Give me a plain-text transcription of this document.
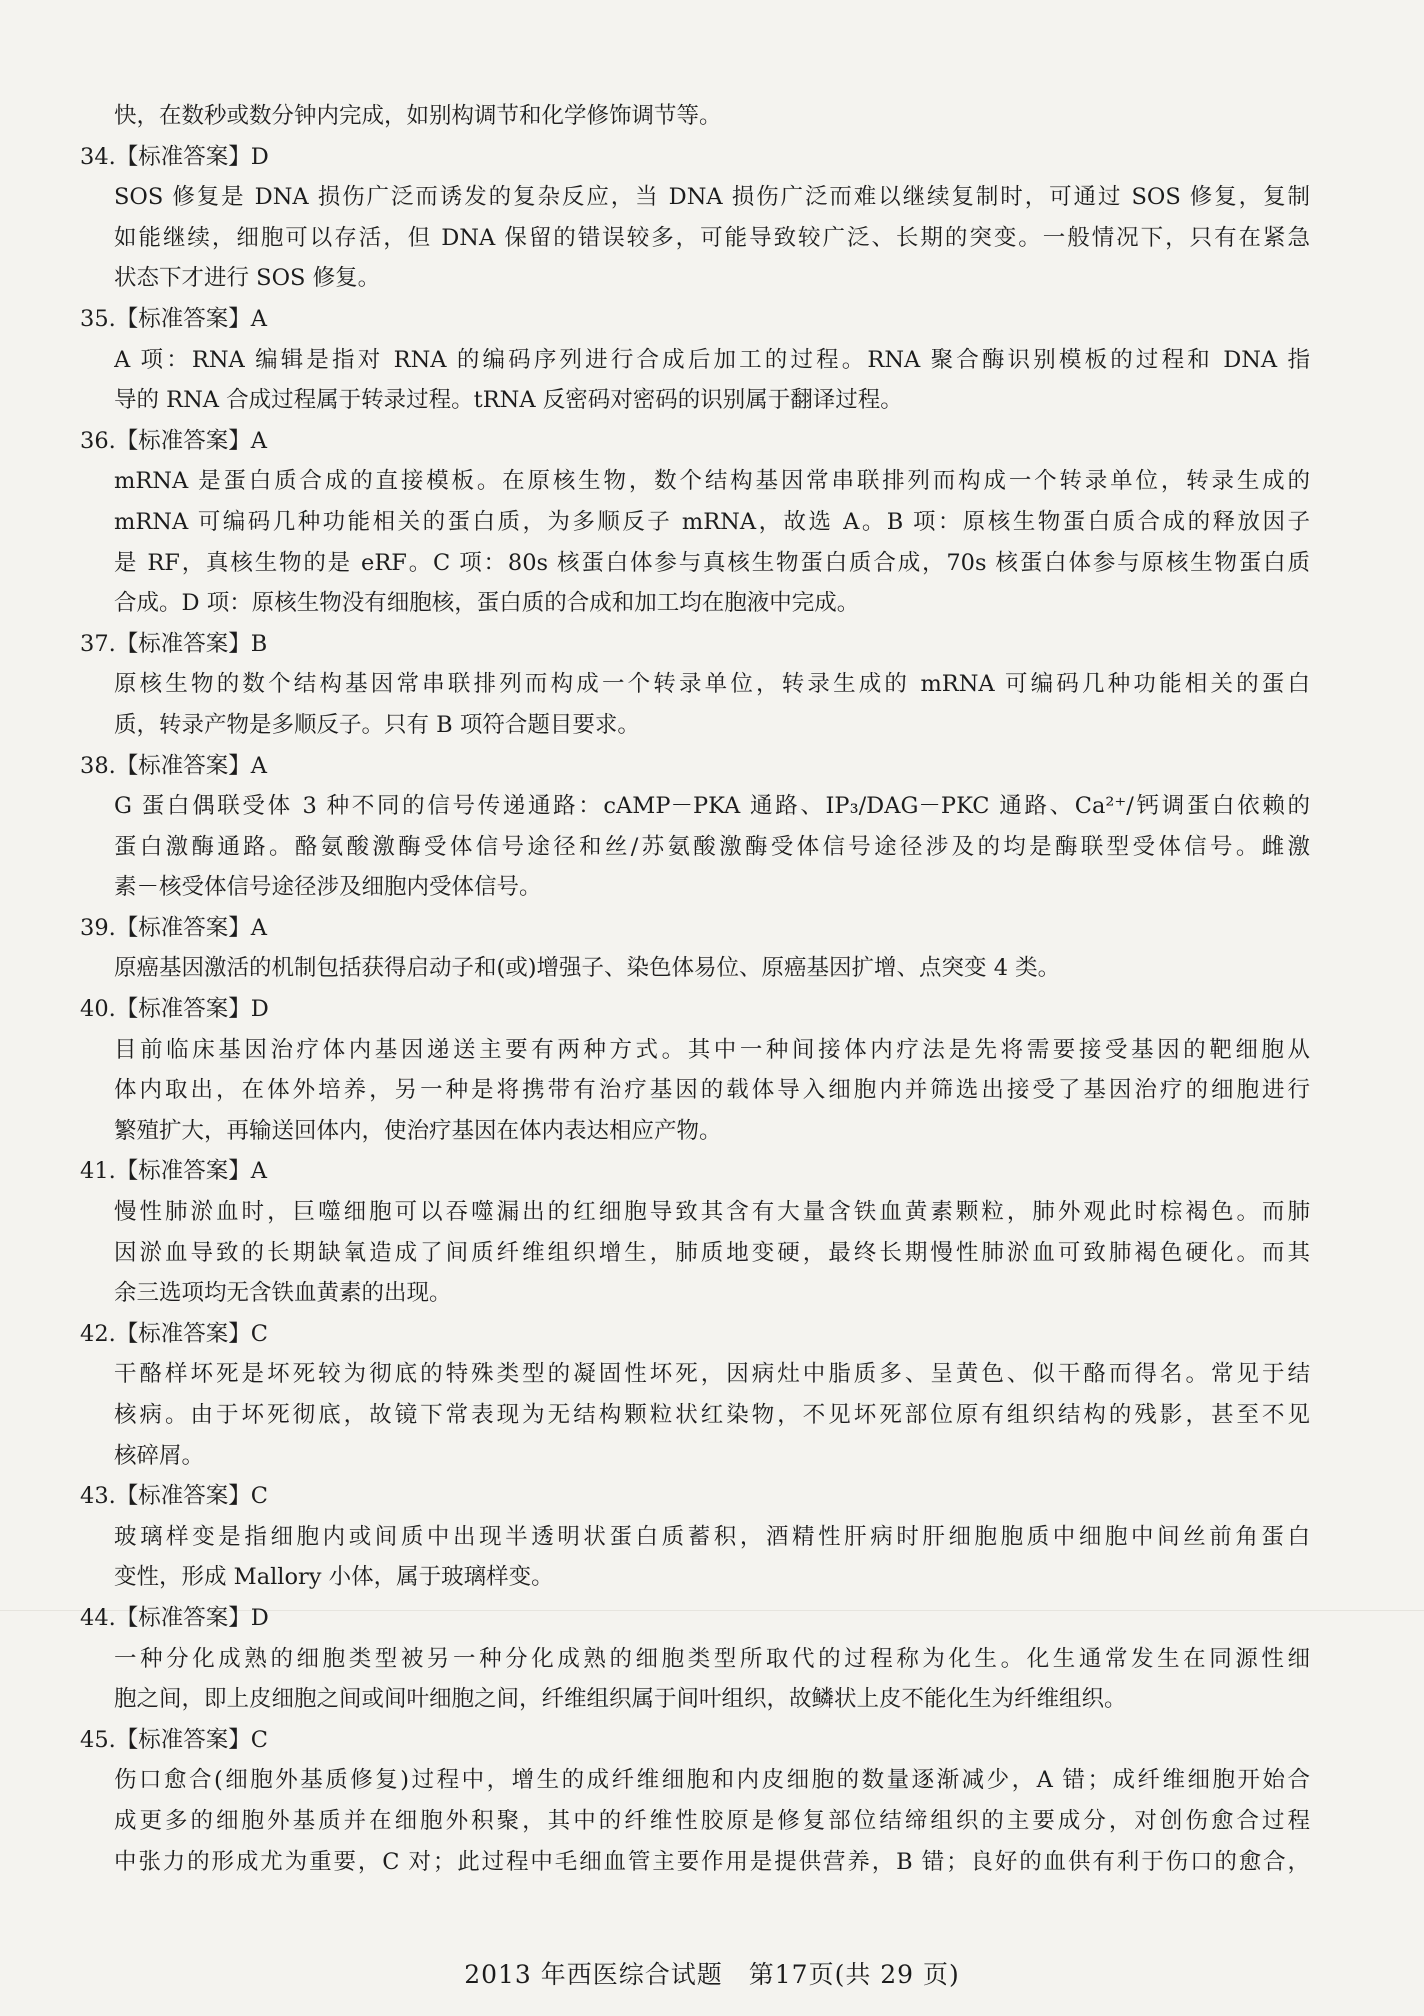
快，在数秒或数分钟内完成，如别构调节和化学修饰调节等。
34.【标准答案】D
SOS 修复是 DNA 损伤广泛而诱发的复杂反应，当 DNA 损伤广泛而难以继续复制时，可通过 SOS 修复，复制
如能继续，细胞可以存活，但 DNA 保留的错误较多，可能导致较广泛、长期的突变。一般情况下，只有在紧急
状态下才进行 SOS 修复。
35.【标准答案】A
A 项：RNA 编辑是指对 RNA 的编码序列进行合成后加工的过程。RNA 聚合酶识别模板的过程和 DNA 指
导的 RNA 合成过程属于转录过程。tRNA 反密码对密码的识别属于翻译过程。
36.【标准答案】A
mRNA 是蛋白质合成的直接模板。在原核生物，数个结构基因常串联排列而构成一个转录单位，转录生成的
mRNA 可编码几种功能相关的蛋白质，为多顺反子 mRNA，故选 A。B 项：原核生物蛋白质合成的释放因子
是 RF，真核生物的是 eRF。C 项：80s 核蛋白体参与真核生物蛋白质合成，70s 核蛋白体参与原核生物蛋白质
合成。D 项：原核生物没有细胞核，蛋白质的合成和加工均在胞液中完成。
37.【标准答案】B
原核生物的数个结构基因常串联排列而构成一个转录单位，转录生成的 mRNA 可编码几种功能相关的蛋白
质，转录产物是多顺反子。只有 B 项符合题目要求。
38.【标准答案】A
G 蛋白偶联受体 3 种不同的信号传递通路：cAMP－PKA 通路、IP₃/DAG－PKC 通路、Ca²⁺/钙调蛋白依赖的
蛋白激酶通路。酪氨酸激酶受体信号途径和丝/苏氨酸激酶受体信号途径涉及的均是酶联型受体信号。雌激
素－核受体信号途径涉及细胞内受体信号。
39.【标准答案】A
原癌基因激活的机制包括获得启动子和(或)增强子、染色体易位、原癌基因扩增、点突变 4 类。
40.【标准答案】D
目前临床基因治疗体内基因递送主要有两种方式。其中一种间接体内疗法是先将需要接受基因的靶细胞从
体内取出，在体外培养，另一种是将携带有治疗基因的载体导入细胞内并筛选出接受了基因治疗的细胞进行
繁殖扩大，再输送回体内，使治疗基因在体内表达相应产物。
41.【标准答案】A
慢性肺淤血时，巨噬细胞可以吞噬漏出的红细胞导致其含有大量含铁血黄素颗粒，肺外观此时棕褐色。而肺
因淤血导致的长期缺氧造成了间质纤维组织增生，肺质地变硬，最终长期慢性肺淤血可致肺褐色硬化。而其
余三选项均无含铁血黄素的出现。
42.【标准答案】C
干酪样坏死是坏死较为彻底的特殊类型的凝固性坏死，因病灶中脂质多、呈黄色、似干酪而得名。常见于结
核病。由于坏死彻底，故镜下常表现为无结构颗粒状红染物，不见坏死部位原有组织结构的残影，甚至不见
核碎屑。
43.【标准答案】C
玻璃样变是指细胞内或间质中出现半透明状蛋白质蓄积，酒精性肝病时肝细胞胞质中细胞中间丝前角蛋白
变性，形成 Mallory 小体，属于玻璃样变。
44.【标准答案】D
一种分化成熟的细胞类型被另一种分化成熟的细胞类型所取代的过程称为化生。化生通常发生在同源性细
胞之间，即上皮细胞之间或间叶细胞之间，纤维组织属于间叶组织，故鳞状上皮不能化生为纤维组织。
45.【标准答案】C
伤口愈合(细胞外基质修复)过程中，增生的成纤维细胞和内皮细胞的数量逐渐减少，A 错；成纤维细胞开始合
成更多的细胞外基质并在细胞外积聚，其中的纤维性胶原是修复部位结缔组织的主要成分，对创伤愈合过程
中张力的形成尤为重要，C 对；此过程中毛细血管主要作用是提供营养，B 错；良好的血供有利于伤口的愈合，
2013 年西医综合试题　第17页(共 29 页)
